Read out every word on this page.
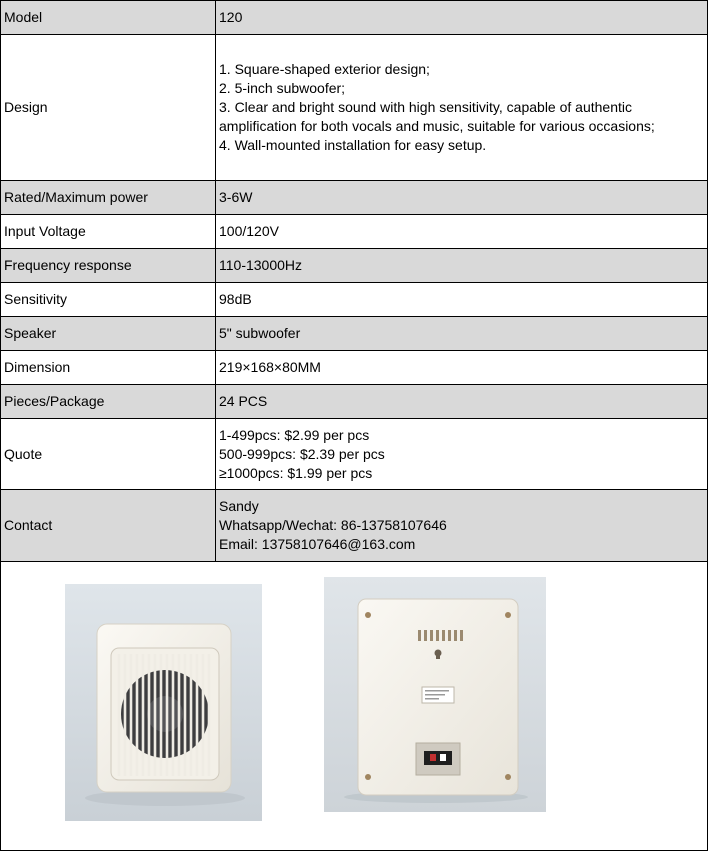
Model	120
Design	1. Square-shaped exterior design;
2. 5-inch subwoofer;
3. Clear and bright sound with high sensitivity, capable of authentic
amplification for both vocals and music, suitable for various occasions;
4. Wall-mounted installation for easy setup.

Rated/Maximum power	3-6W
Input Voltage	100/120V
Frequency response	110-13000Hz
Sensitivity	98dB
Speaker	5" subwoofer
Dimension	219×168×80MM
Pieces/Package	24 PCS
Quote	1-499pcs: $2.99 per pcs
500-999pcs: $2.39 per pcs
≥1000pcs: $1.99 per pcs

Contact	Sandy
Whatsapp/Wechat: 86-13758107646
Email: 13758107646@163.com
